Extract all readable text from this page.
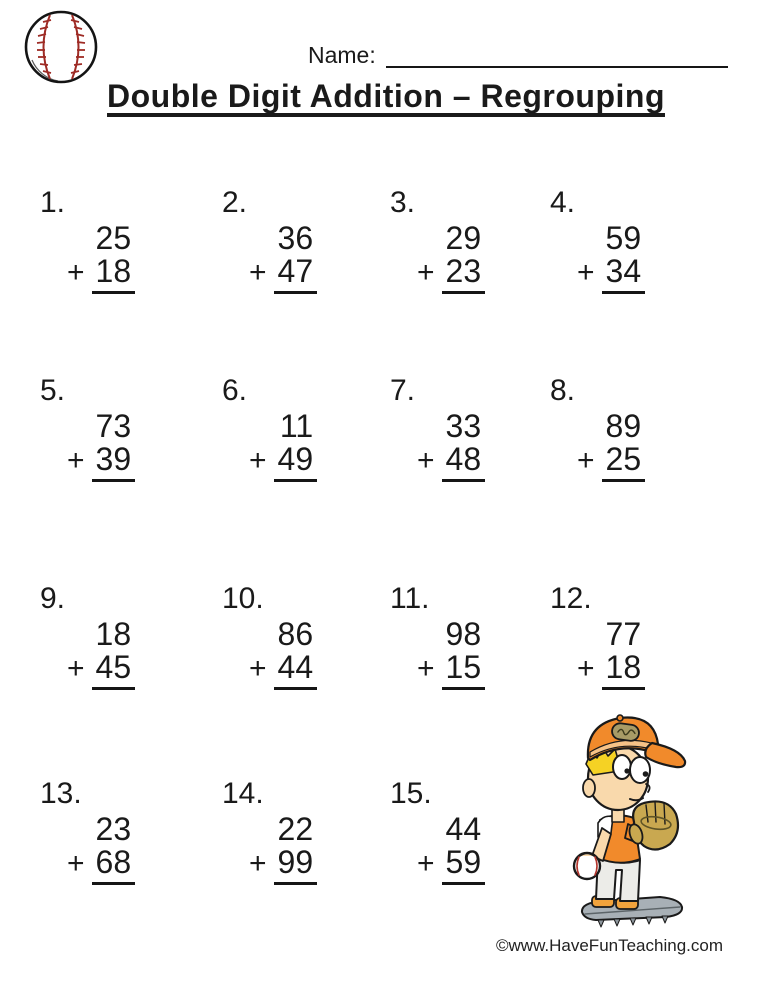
Name:
Double Digit Addition – Regrouping
1.
25
+ 18
2.
36
+ 47
3.
29
+ 23
4.
59
+ 34
5.
73
+ 39
6.
11
+ 49
7.
33
+ 48
8.
89
+ 25
9.
18
+ 45
10.
86
+ 44
11.
98
+ 15
12.
77
+ 18
13.
23
+ 68
14.
22
+ 99
15.
44
+ 59
©www.HaveFunTeaching.com
